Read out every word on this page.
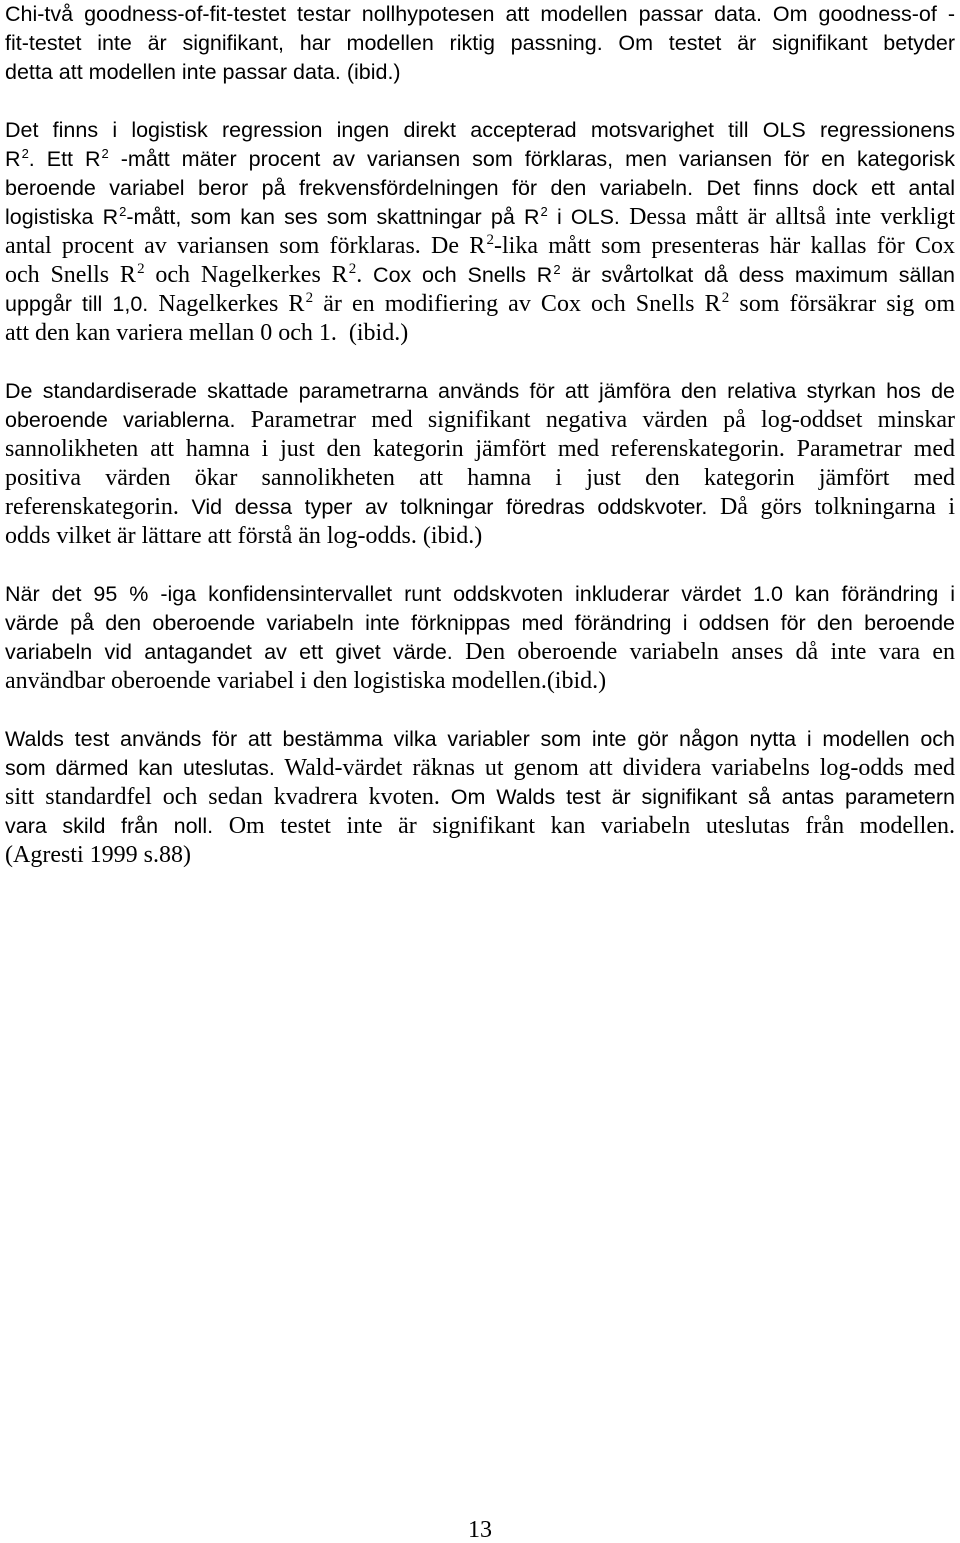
Chi-två goodness-of-fit-testet testar nollhypotesen att modellen passar data. Om goodness-of -
fit-testet inte är signifikant, har modellen riktig passning. Om testet är signifikant betyder
detta att modellen inte passar data. (ibid.)
Det finns i logistisk regression ingen direkt accepterad motsvarighet till OLS regressionens
$R^2$. Ett $R^2$ -mått mäter procent av variansen som förklaras, men variansen för en kategorisk
beroende variabel beror på frekvensfördelningen för den variabeln. Det finns dock ett antal
logistiska $R^2$-mått, som kan ses som skattningar på $R^2$ i OLS. Dessa mått är alltså inte verkligt
antal procent av variansen som förklaras. De $R^2$-lika mått som presenteras här kallas för Cox
och Snells $R^2$ och Nagelkerkes $R^2$. Cox och Snells $R^2$ är svårtolkat då dess maximum sällan
uppgår till 1,0. Nagelkerkes $R^2$ är en modifiering av Cox och Snells $R^2$ som försäkrar sig om
att den kan variera mellan 0 och 1.  (ibid.)
De standardiserade skattade parametrarna används för att jämföra den relativa styrkan hos de
oberoende variablerna. Parametrar med signifikant negativa värden på log-oddset minskar
sannolikheten att hamna i just den kategorin jämfört med referenskategorin. Parametrar med
positiva värden ökar sannolikheten att hamna i just den kategorin jämfört med
referenskategorin. Vid dessa typer av tolkningar föredras oddskvoter. Då görs tolkningarna i
odds vilket är lättare att förstå än log-odds. (ibid.)
När det 95 % -iga konfidensintervallet runt oddskvoten inkluderar värdet 1.0 kan förändring i
värde på den oberoende variabeln inte förknippas med förändring i oddsen för den beroende
variabeln vid antagandet av ett givet värde. Den oberoende variabeln anses då inte vara en
användbar oberoende variabel i den logistiska modellen.(ibid.)
Walds test används för att bestämma vilka variabler som inte gör någon nytta i modellen och
som därmed kan uteslutas. Wald-värdet räknas ut genom att dividera variabelns log-odds med
sitt standardfel och sedan kvadrera kvoten. Om Walds test är signifikant så antas parametern
vara skild från noll. Om testet inte är signifikant kan variabeln uteslutas från modellen.
(Agresti 1999 s.88)
13
